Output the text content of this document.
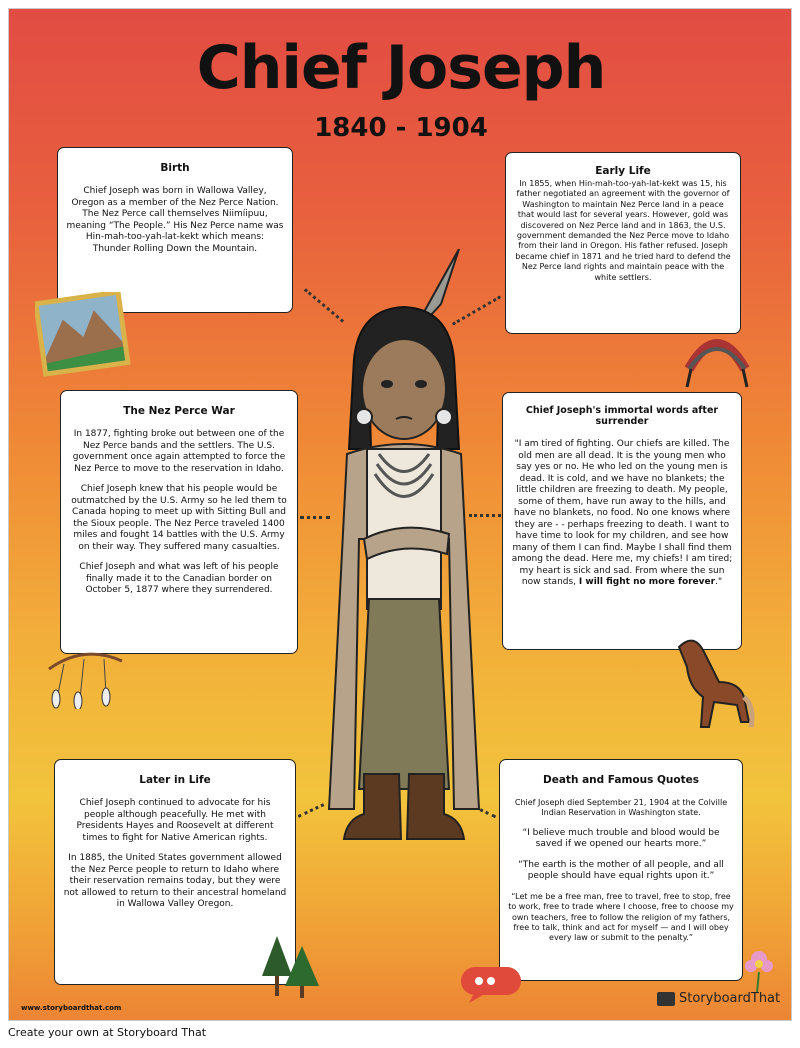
Chief Joseph
1840 - 1904
Birth

Chief Joseph was born in Wallowa Valley, Oregon as a member of the Nez Perce Nation. The Nez Perce call themselves Niimíipuu, meaning “The People.” His Nez Perce name was Hin-mah-too-yah-lat-kekt which means: Thunder Rolling Down the Mountain.

Early Life

In 1855, when Hin-mah-too-yah-lat-kekt was 15, his father negotiated an agreement with the governor of Washington to maintain Nez Perce land in a peace that would last for several years. However, gold was discovered on Nez Perce land and in 1863, the U.S. government demanded the Nez Perce move to Idaho from their land in Oregon. His father refused. Joseph became chief in 1871 and he tried hard to defend the Nez Perce land rights and maintain peace with the white settlers.

The Nez Perce War

In 1877, fighting broke out between one of the Nez Perce bands and the settlers. The U.S. government once again attempted to force the Nez Perce to move to the reservation in Idaho.

Chief Joseph knew that his people would be outmatched by the U.S. Army so he led them to Canada hoping to meet up with Sitting Bull and the Sioux people. The Nez Perce traveled 1400 miles and fought 14 battles with the U.S. Army on their way. They suffered many casualties.

Chief Joseph and what was left of his people finally made it to the Canadian border on October 5, 1877 where they surrendered.

Chief Joseph's immortal words after surrender

"I am tired of fighting. Our chiefs are killed. The old men are all dead. It is the young men who say yes or no. He who led on the young men is dead. It is cold, and we have no blankets; the little children are freezing to death. My people, some of them, have run away to the hills, and have no blankets, no food. No one knows where they are - - perhaps freezing to death. I want to have time to look for my children, and see how many of them I can find. Maybe I shall find them among the dead. Here me, my chiefs! I am tired; my heart is sick and sad. From where the sun now stands, I will fight no more forever."

Later in Life

Chief Joseph continued to advocate for his people although peacefully. He met with Presidents Hayes and Roosevelt at different times to fight for Native American rights.

In 1885, the United States government allowed the Nez Perce people to return to Idaho where their reservation remains today, but they were not allowed to return to their ancestral homeland in Wallowa Valley Oregon.

Death and Famous Quotes

Chief Joseph died September 21, 1904 at the Colville Indian Reservation in Washington state.

“I believe much trouble and blood would be saved if we opened our hearts more.”

“The earth is the mother of all people, and all people should have equal rights upon it.”

“Let me be a free man, free to travel, free to stop, free to work, free to trade where I choose, free to choose my own teachers, free to follow the religion of my fathers, free to talk, think and act for myself — and I will obey every law or submit to the penalty.”

www.storyboardthat.com
StoryboardThat
Create your own at Storyboard That
